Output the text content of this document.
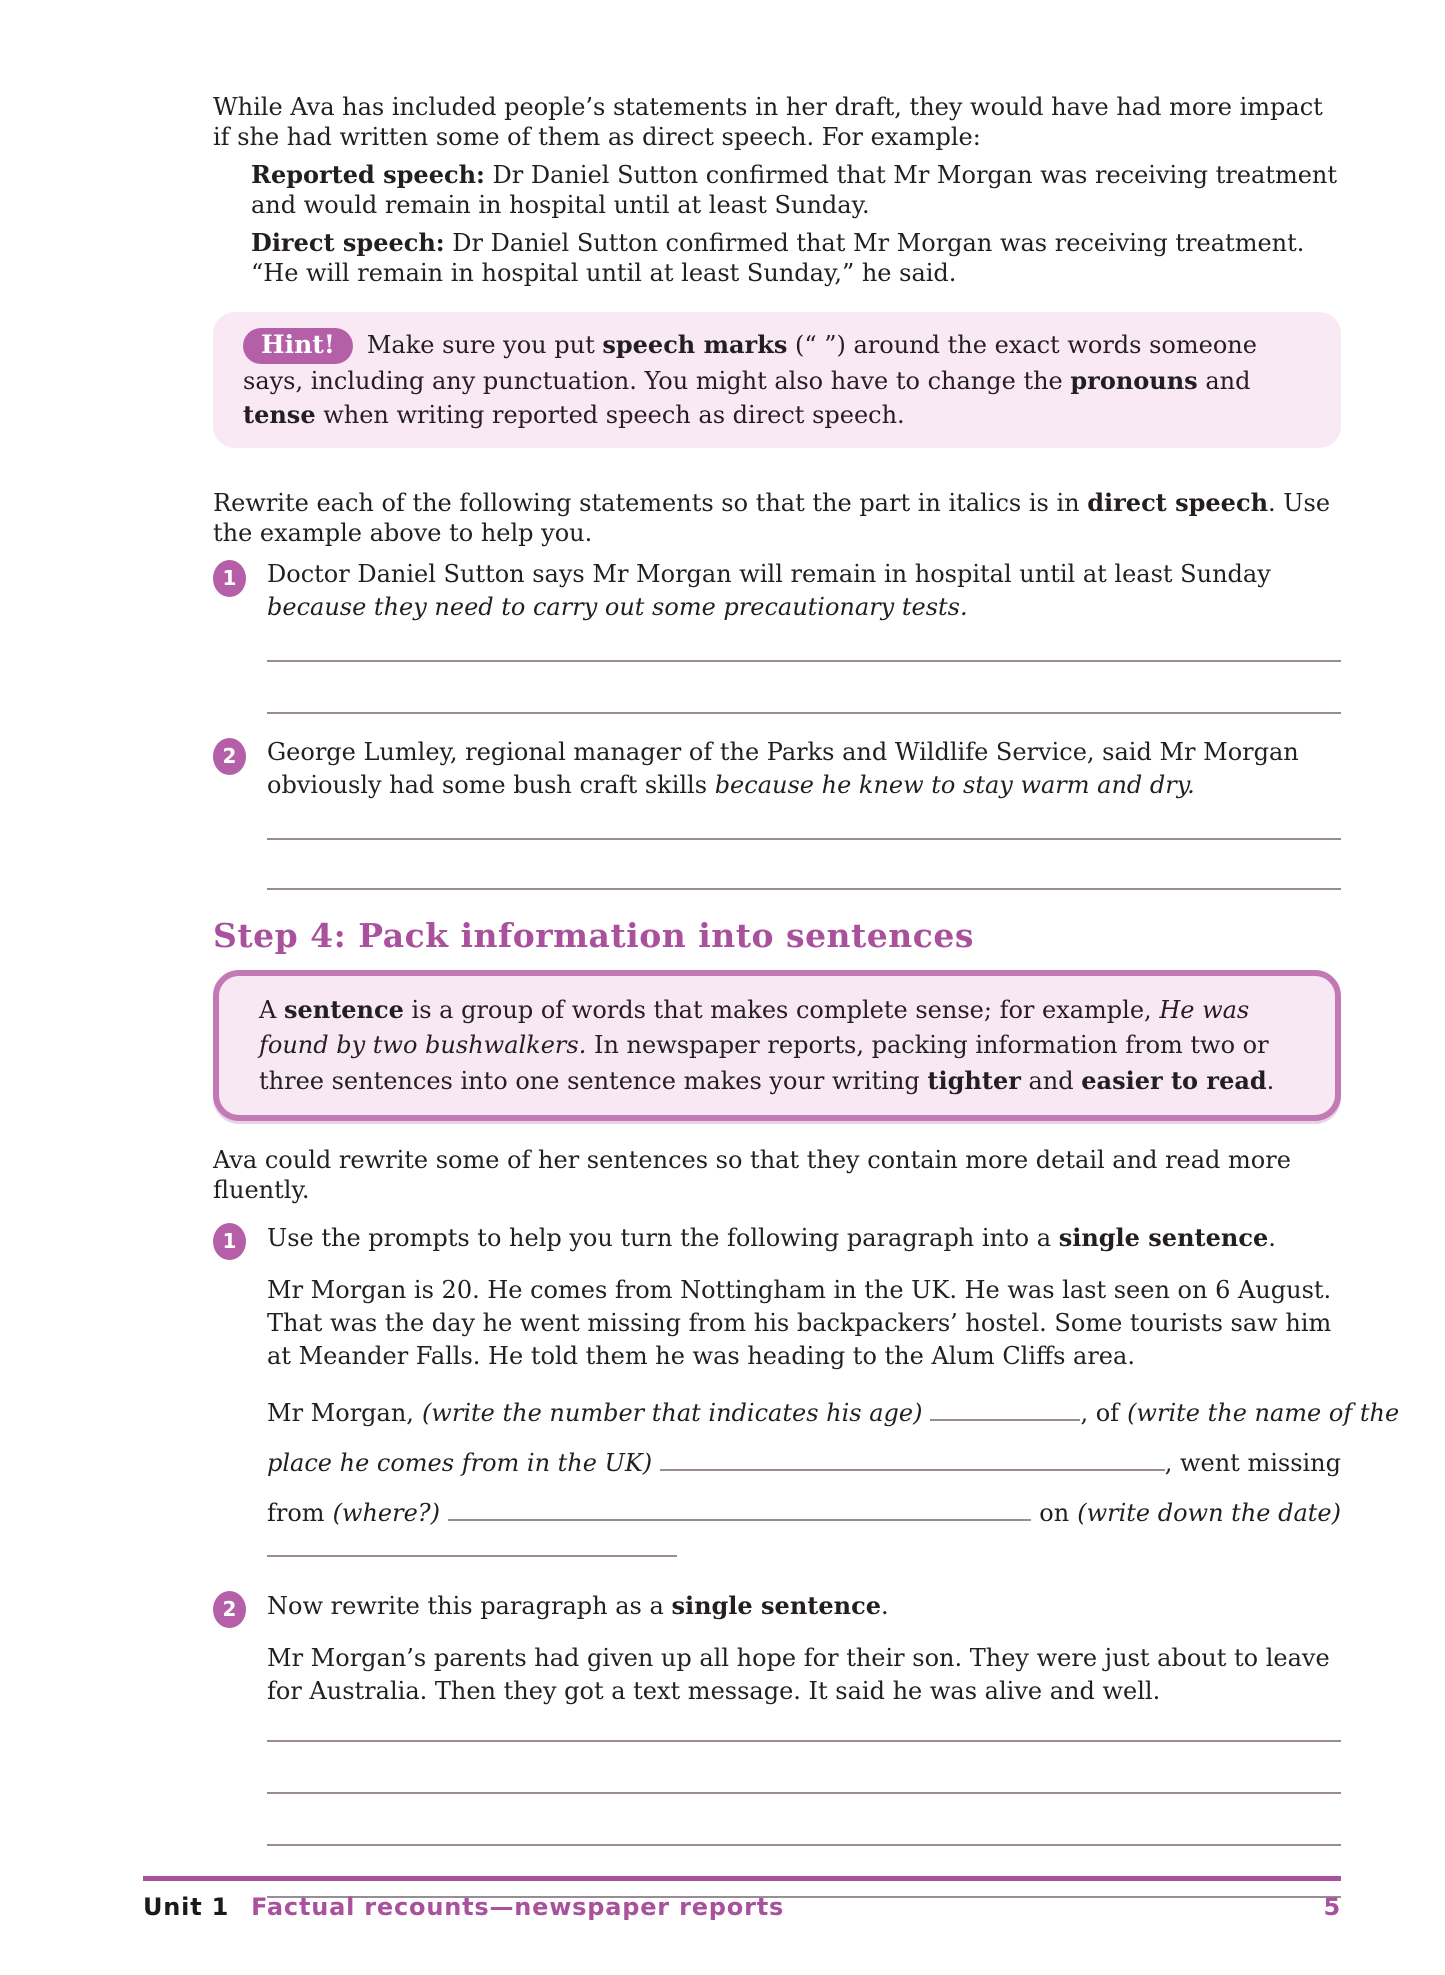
While Ava has included people’s statements in her draft, they would have had more impact if she had written some of them as direct speech. For example:

Reported speech: Dr Daniel Sutton confirmed that Mr Morgan was receiving treatment and would remain in hospital until at least Sunday.

Direct speech: Dr Daniel Sutton confirmed that Mr Morgan was receiving treatment. “He will remain in hospital until at least Sunday,” he said.

Hint! Make sure you put speech marks (“ ”) around the exact words someone says, including any punctuation. You might also have to change the pronouns and tense when writing reported speech as direct speech.

Rewrite each of the following statements so that the part in italics is in direct speech. Use the example above to help you.

1	Doctor Daniel Sutton says Mr Morgan will remain in hospital until at least Sunday because they need to carry out some precautionary tests.
2	George Lumley, regional manager of the Parks and Wildlife Service, said Mr Morgan obviously had some bush craft skills because he knew to stay warm and dry.
Step 4: Pack information into sentences
A sentence is a group of words that makes complete sense; for example, He was found by two bushwalkers. In newspaper reports, packing information from two or three sentences into one sentence makes your writing tighter and easier to read.

Ava could rewrite some of her sentences so that they contain more detail and read more fluently.

1	Use the prompts to help you turn the following paragraph into a single sentence.

Mr Morgan is 20. He comes from Nottingham in the UK. He was last seen on 6 August. That was the day he went missing from his backpackers’ hostel. Some tourists saw him at Meander Falls. He told them he was heading to the Alum Cliffs area.

Mr Morgan, (write the number that indicates his age)	, of (write the name of the
place he comes from in the UK)	, went missing
from (where?)	on (write down the date)
2	Now rewrite this paragraph as a single sentence.

Mr Morgan’s parents had given up all hope for their son. They were just about to leave for Australia. Then they got a text message. It said he was alive and well.

Unit 1 Factual recounts—newspaper reports	5
